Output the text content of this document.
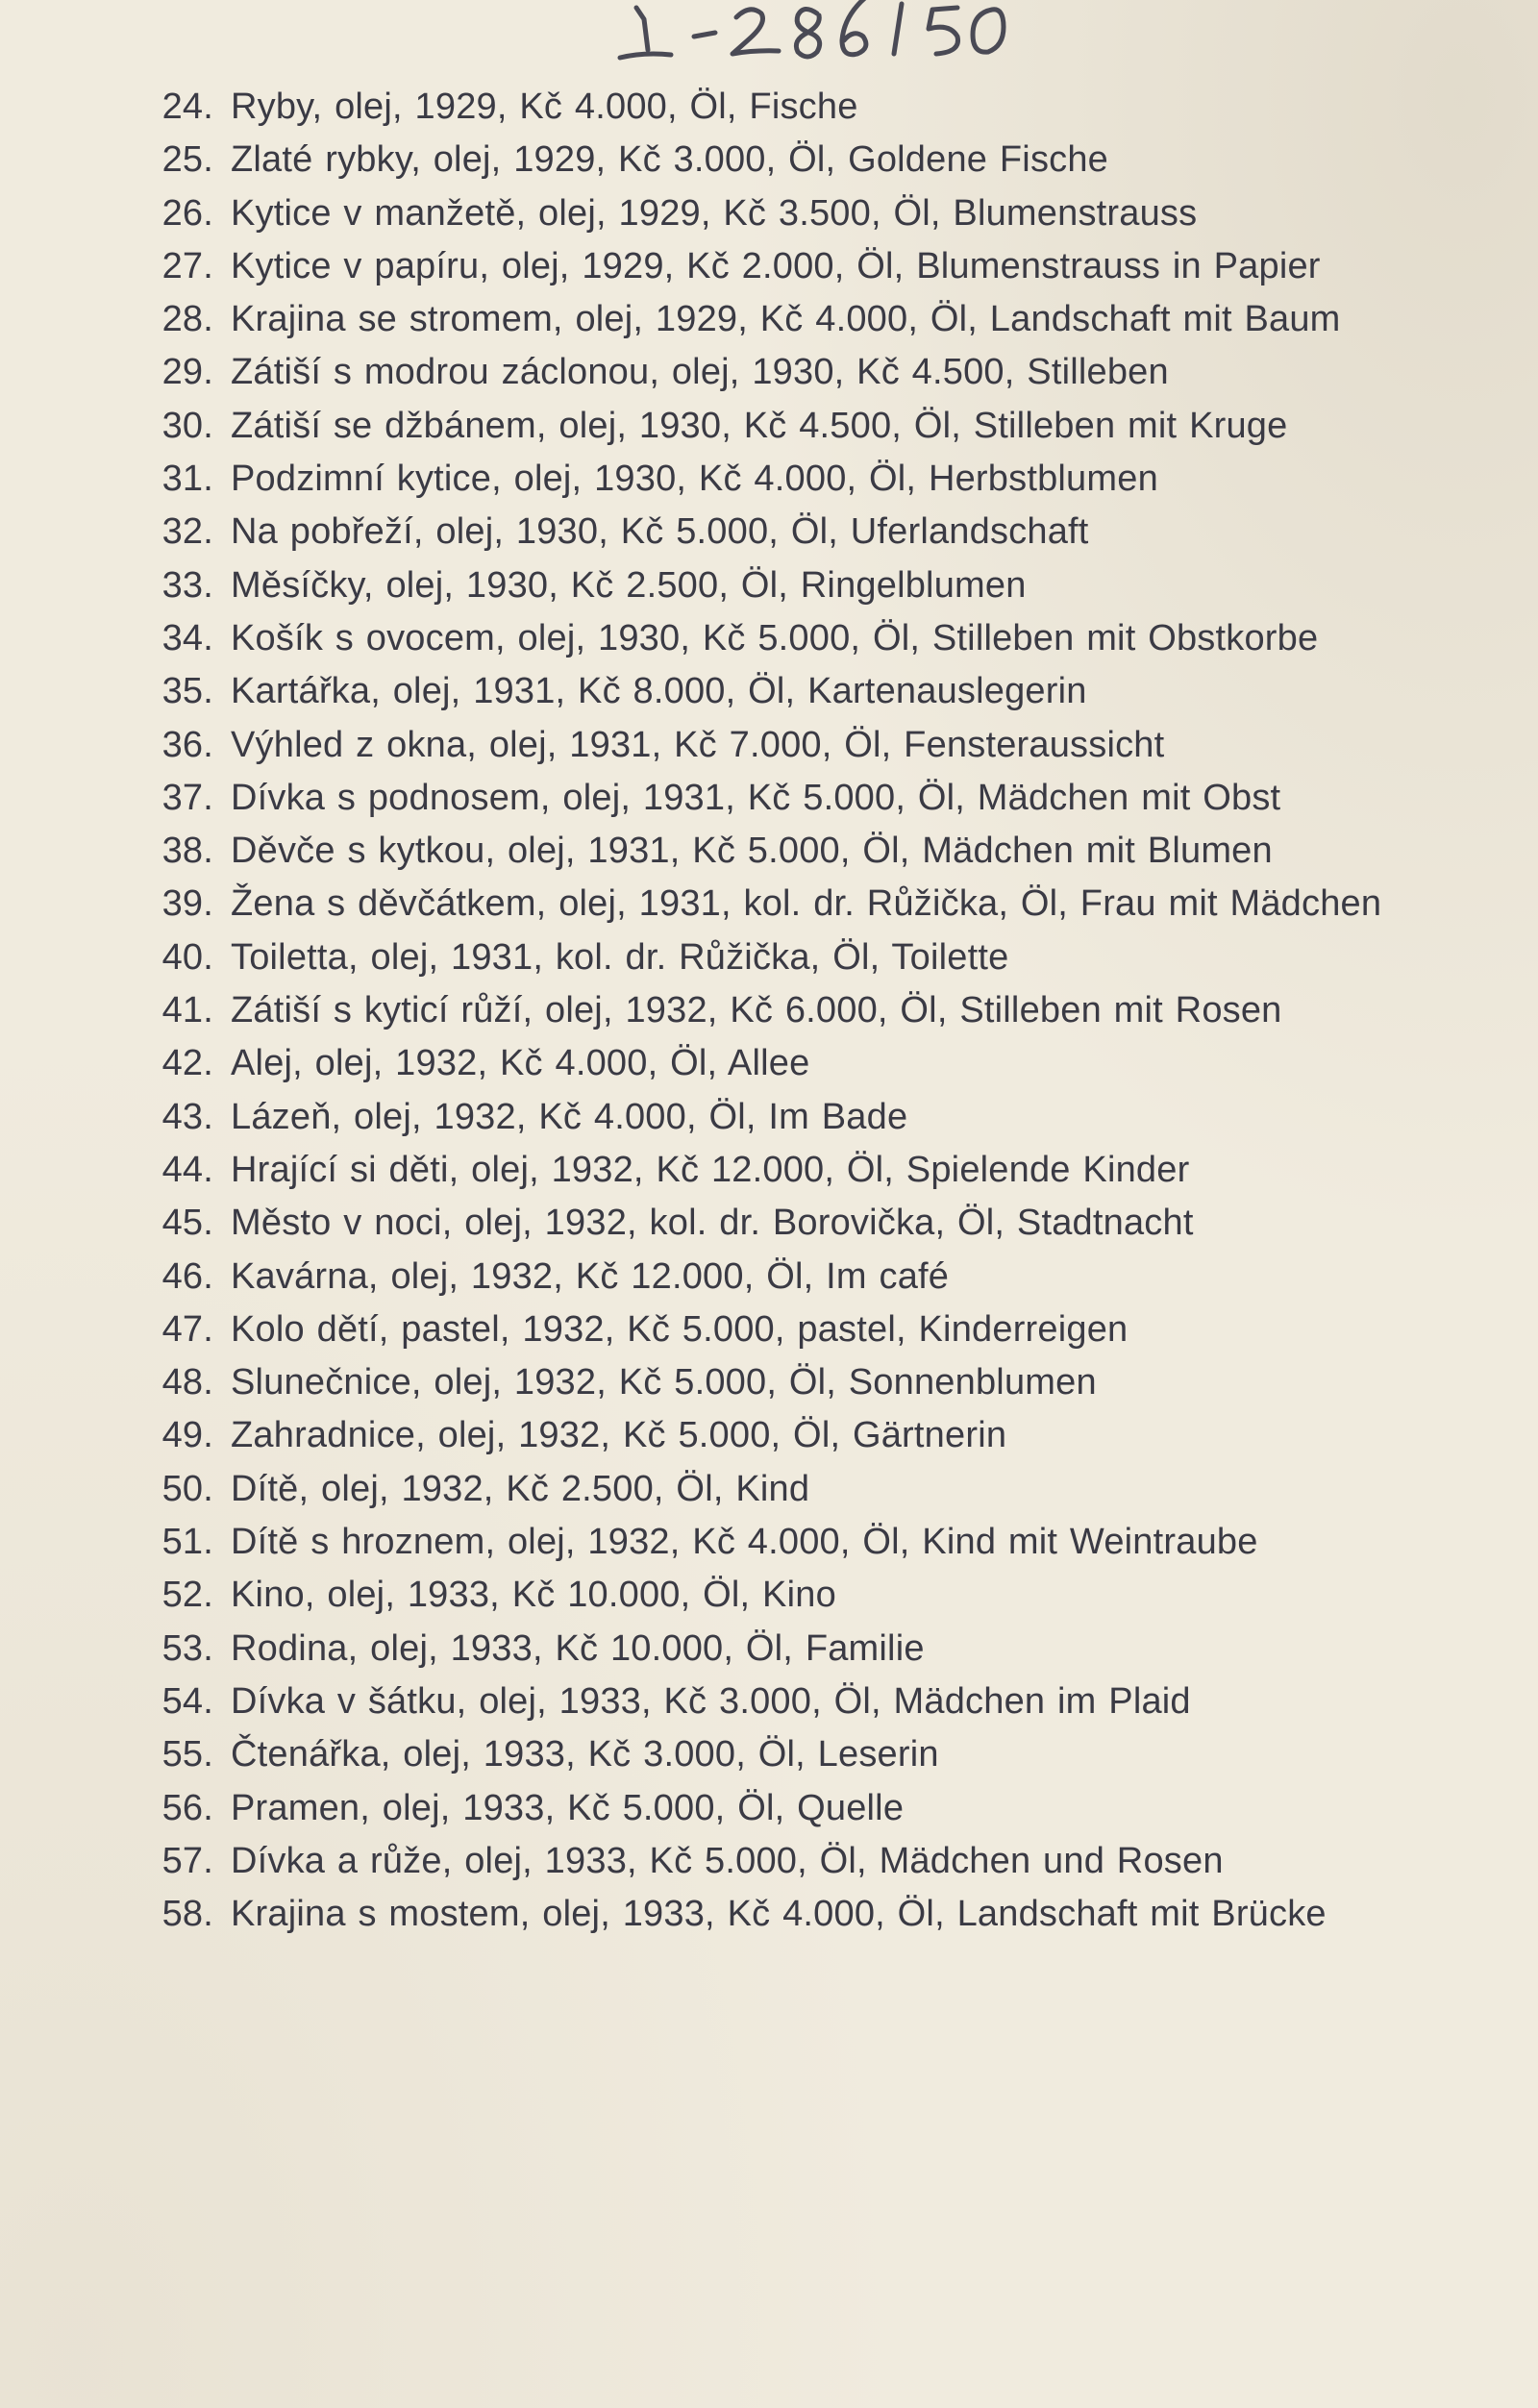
24. Ryby, olej, 1929, Kč 4.000, Öl, Fische
25. Zlaté rybky, olej, 1929, Kč 3.000, Öl, Goldene Fische
26. Kytice v manžetě, olej, 1929, Kč 3.500, Öl, Blumenstrauss
27. Kytice v papíru, olej, 1929, Kč 2.000, Öl, Blumenstrauss in Papier
28. Krajina se stromem, olej, 1929, Kč 4.000, Öl, Landschaft mit Baum
29. Zátiší s modrou záclonou, olej, 1930, Kč 4.500, Stilleben
30. Zátiší se džbánem, olej, 1930, Kč 4.500, Öl, Stilleben mit Kruge
31. Podzimní kytice, olej, 1930, Kč 4.000, Öl, Herbstblumen
32. Na pobřeží, olej, 1930, Kč 5.000, Öl, Uferlandschaft
33. Měsíčky, olej, 1930, Kč 2.500, Öl, Ringelblumen
34. Košík s ovocem, olej, 1930, Kč 5.000, Öl, Stilleben mit Obstkorbe
35. Kartářka, olej, 1931, Kč 8.000, Öl, Kartenauslegerin
36. Výhled z okna, olej, 1931, Kč 7.000, Öl, Fensteraussicht
37. Dívka s podnosem, olej, 1931, Kč 5.000, Öl, Mädchen mit Obst
38. Děvče s kytkou, olej, 1931, Kč 5.000, Öl, Mädchen mit Blumen
39. Žena s děvčátkem, olej, 1931, kol. dr. Růžička, Öl, Frau mit Mädchen
40. Toiletta, olej, 1931, kol. dr. Růžička, Öl, Toilette
41. Zátiší s kyticí růží, olej, 1932, Kč 6.000, Öl, Stilleben mit Rosen
42. Alej, olej, 1932, Kč 4.000, Öl, Allee
43. Lázeň, olej, 1932, Kč 4.000, Öl, Im Bade
44. Hrající si děti, olej, 1932, Kč 12.000, Öl, Spielende Kinder
45. Město v noci, olej, 1932, kol. dr. Borovička, Öl, Stadtnacht
46. Kavárna, olej, 1932, Kč 12.000, Öl, Im café
47. Kolo dětí, pastel, 1932, Kč 5.000, pastel, Kinderreigen
48. Slunečnice, olej, 1932, Kč 5.000, Öl, Sonnenblumen
49. Zahradnice, olej, 1932, Kč 5.000, Öl, Gärtnerin
50. Dítě, olej, 1932, Kč 2.500, Öl, Kind
51. Dítě s hroznem, olej, 1932, Kč 4.000, Öl, Kind mit Weintraube
52. Kino, olej, 1933, Kč 10.000, Öl, Kino
53. Rodina, olej, 1933, Kč 10.000, Öl, Familie
54. Dívka v šátku, olej, 1933, Kč 3.000, Öl, Mädchen im Plaid
55. Čtenářka, olej, 1933, Kč 3.000, Öl, Leserin
56. Pramen, olej, 1933, Kč 5.000, Öl, Quelle
57. Dívka a růže, olej, 1933, Kč 5.000, Öl, Mädchen und Rosen
58. Krajina s mostem, olej, 1933, Kč 4.000, Öl, Landschaft mit Brücke
